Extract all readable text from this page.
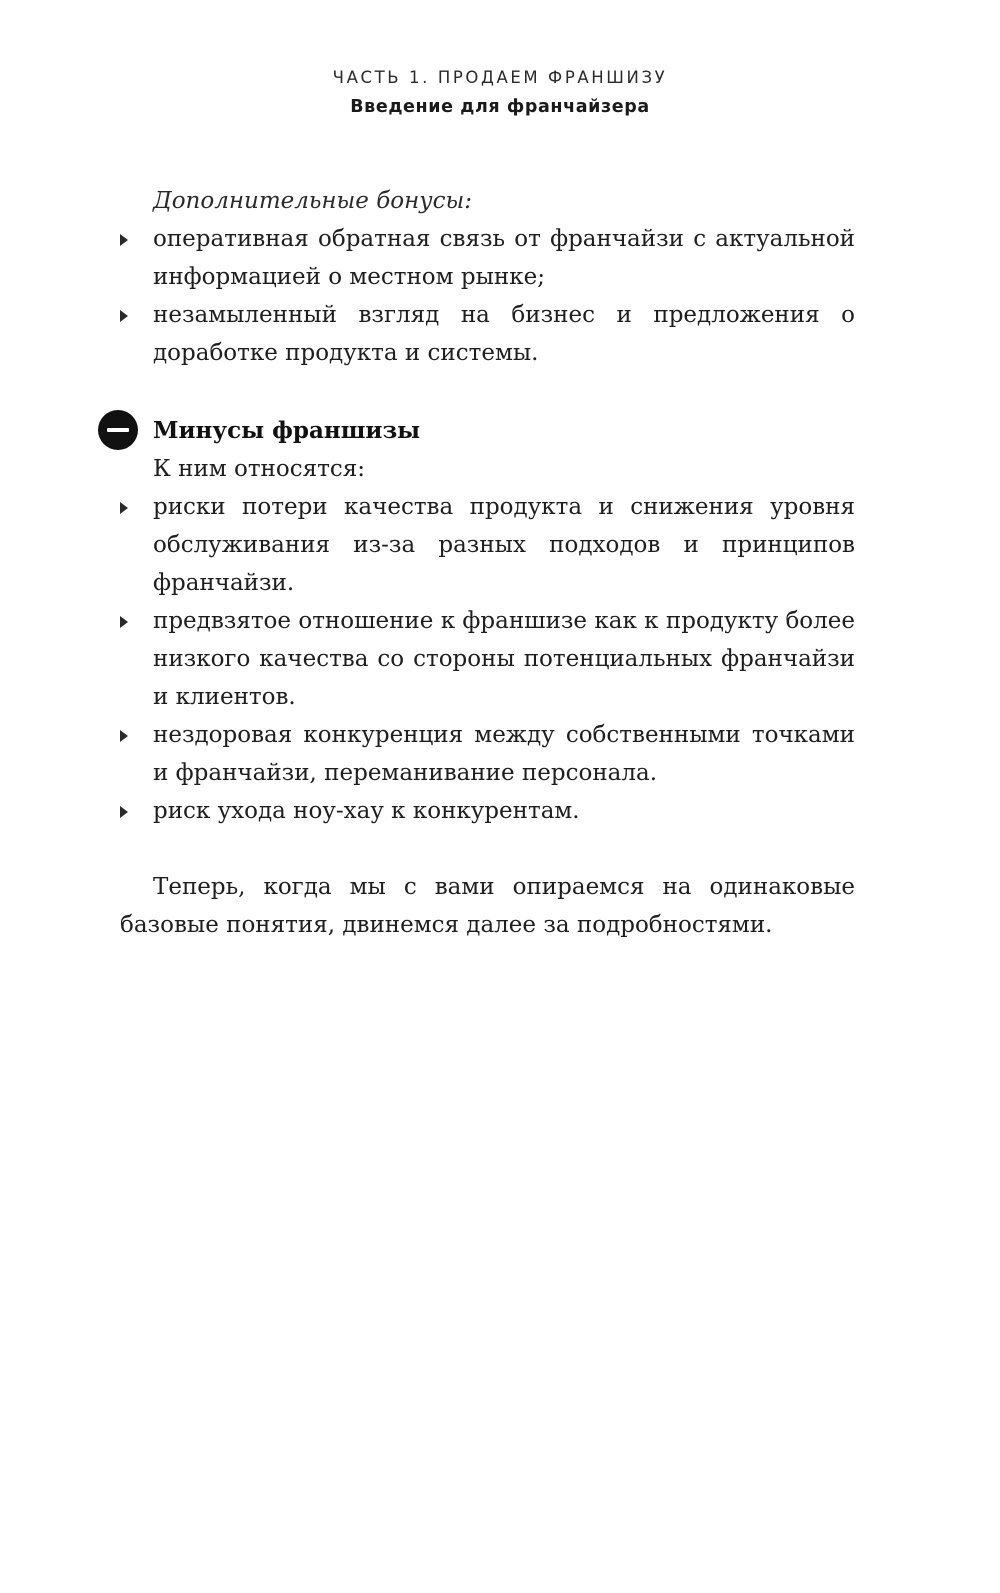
ЧАСТЬ 1. ПРОДАЕМ ФРАНШИЗУ
Введение для франчайзера
Дополнительные бонусы:
оперативная обратная связь от франчайзи с актуальной информацией о местном рынке;
незамыленный взгляд на бизнес и предложения о доработке продукта и системы.
Минусы франшизы
К ним относятся:
риски потери качества продукта и снижения уровня обслуживания из-за разных подходов и принципов франчайзи.
предвзятое отношение к франшизе как к продукту более низкого качества со стороны потенциальных франчайзи и клиентов.
нездоровая конкуренция между собственными точками и франчайзи, переманивание персонала.
риск ухода ноу-хау к конкурентам.

Теперь, когда мы с вами опираемся на одинаковые базовые понятия, двинемся далее за подробностями.
